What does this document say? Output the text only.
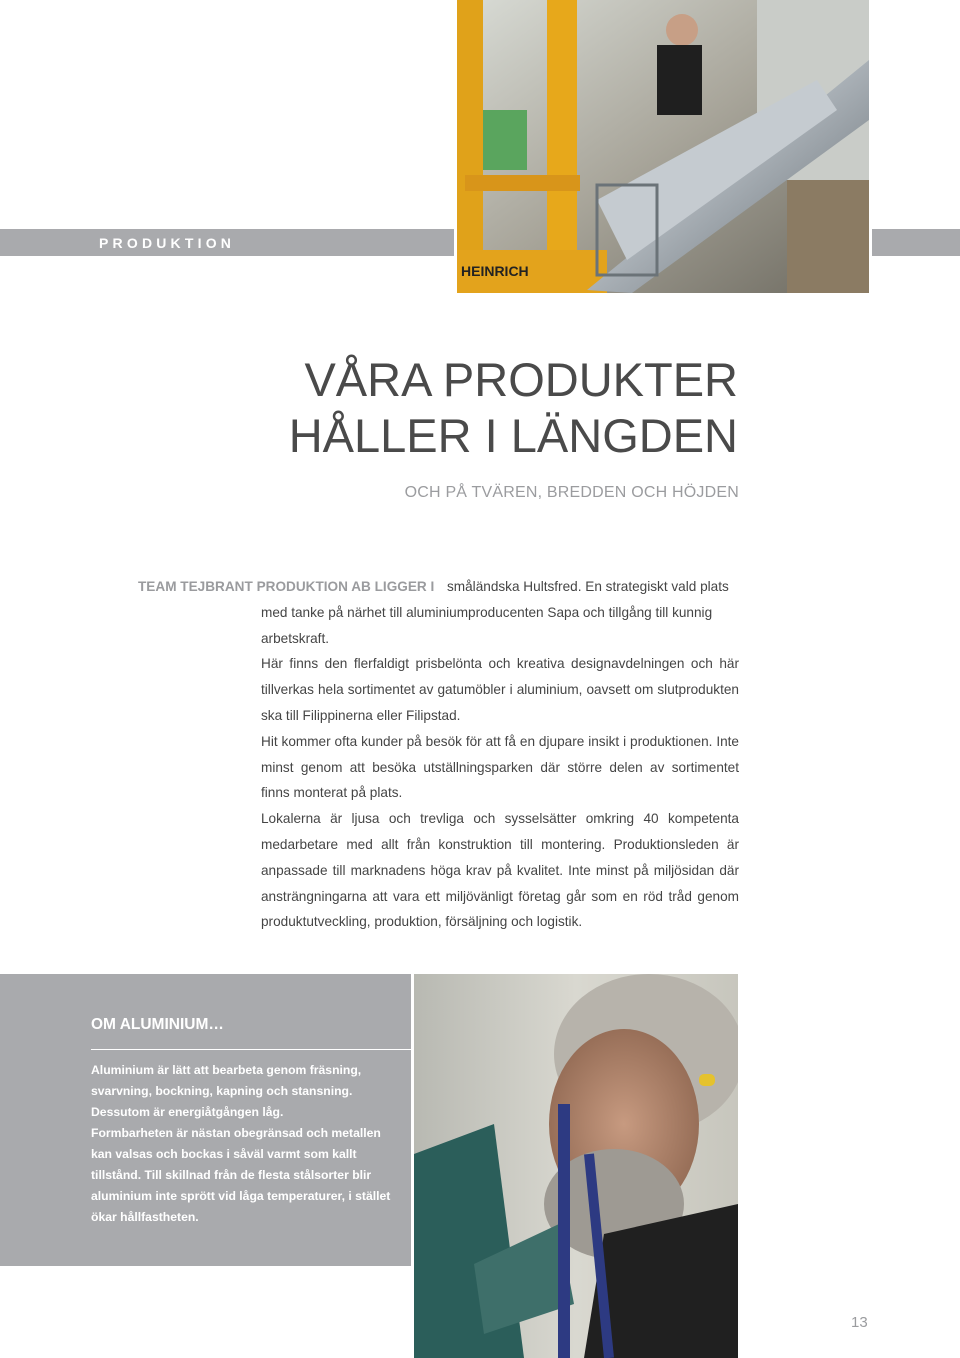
PRODUKTION
HEINRICH
VÅRA PRODUKTER
HÅLLER I LÄNGDEN

OCH PÅ TVÄREN, BREDDEN OCH HÖJDEN

TEAM TEJBRANT PRODUKTION AB LIGGER I småländska Hultsfred. En strategiskt vald plats

med tanke på närhet till aluminiumproducenten Sapa och tillgång till kunnig

arbetskraft.

Här finns den flerfaldigt prisbelönta och kreativa designavdelningen och här tillverkas hela sortimentet av gatumöbler i aluminium, oavsett om slutprodukten ska till Filippinerna eller Filipstad.

Hit kommer ofta kunder på besök för att få en djupare insikt i produktionen. Inte minst genom att besöka utställningsparken där större delen av sortimentet finns monterat på plats.

Lokalerna är ljusa och trevliga och sysselsätter omkring 40 kompetenta medarbetare med allt från konstruktion till montering. Produktionsleden är anpassade till marknadens höga krav på kvalitet. Inte minst på miljösidan där ansträngningarna att vara ett miljövänligt företag går som en röd tråd genom produktutveckling, produktion, försäljning och logistik.

OM ALUMINIUM…

Aluminium är lätt att bearbeta genom fräsning, svarvning, bockning, kapning och stansning.

Dessutom är energiåtgången låg.

Formbarheten är nästan obegränsad och metallen kan valsas och bockas i såväl varmt som kallt tillstånd. Till skillnad från de flesta stålsorter blir aluminium inte sprött vid låga temperaturer, i stället ökar hållfastheten.

13
